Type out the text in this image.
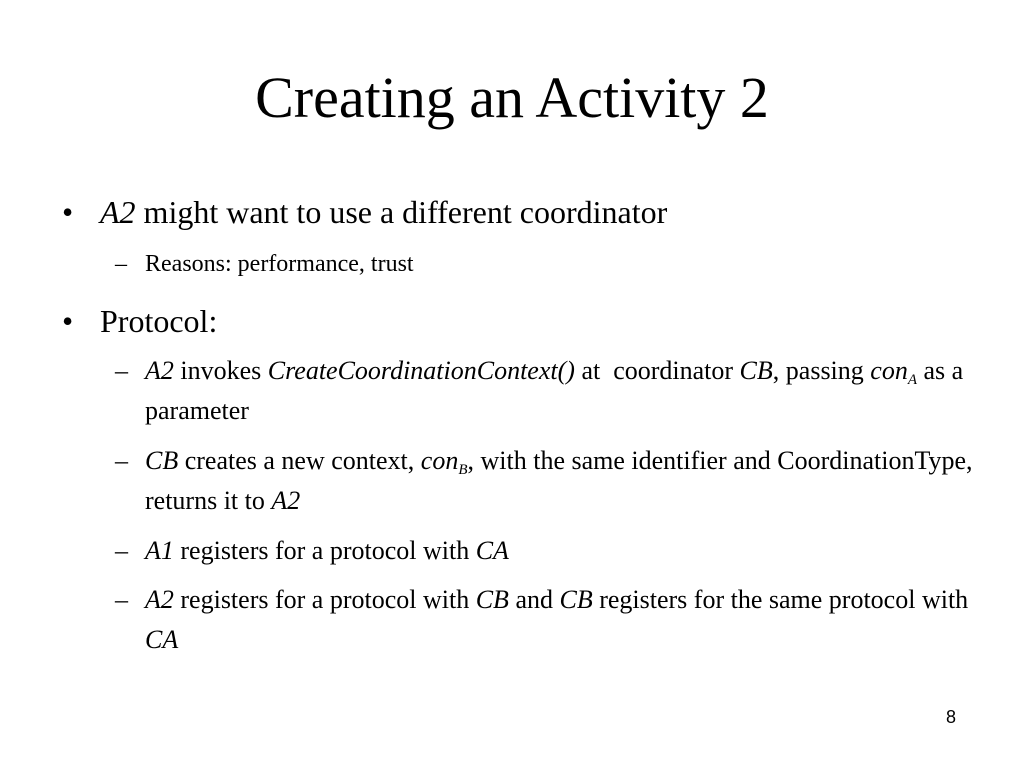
Creating an Activity 2
• A2 might want to use a different coordinator
– Reasons: performance, trust
• Protocol:
– A2 invokes CreateCoordinationContext() at  coordinator CB, passing con$_A$ as a parameter
– CB creates a new context, con$_B$, with the same identifier and CoordinationType, returns it to A2
– A1 registers for a protocol with CA
– A2 registers for a protocol with CB and CB registers for the same protocol with CA
8
